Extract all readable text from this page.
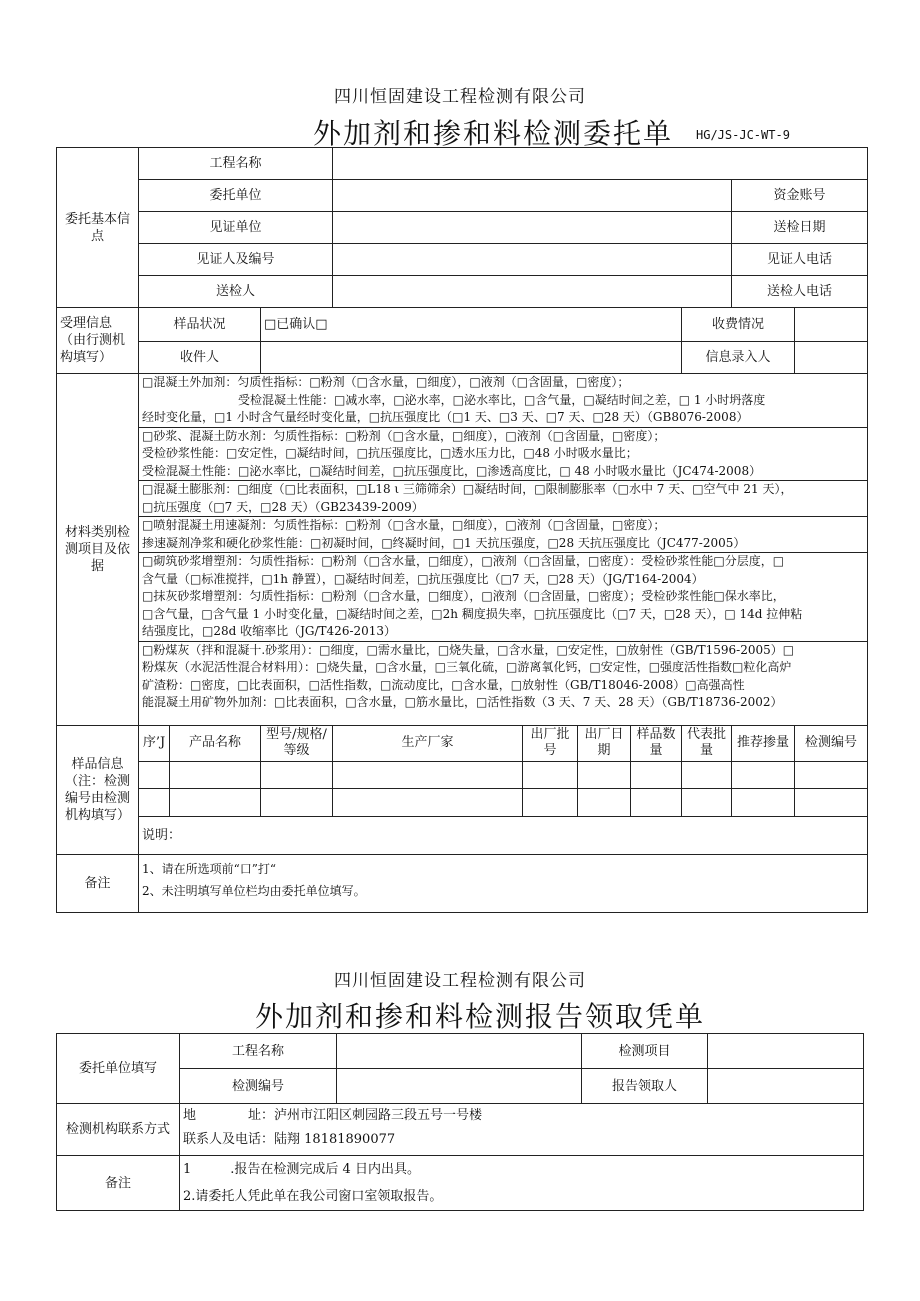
四川恒固建设工程检测有限公司
外加剂和掺和料检测委托单 HG/JS-JC-WT-9
委托基本信点	工程名称										
	委托单位								资金账号		
	见证单位								送检日期		
	见证人及编号								见证人电话		
	送检人								送检人电话		
受理信息（由行测机构填写）	样品状况		□已确认□					收费情况			
	收件人							信息录入人			
材料类别检测项目及依据	□混凝土外加剂：匀质性指标：□粉剂（□含水量，□细度），□液剂（□含固量，□密度）；
　　　　　　　　受检混凝土性能：□减水率，□泌水率，□泌水率比，□含气量，□凝结时间之差，□ 1 小时坍落度
经时变化量，□1 小时含气量经时变化量，□抗压强度比（□1 天、□3 天、□7 天、□28 天）（GB8076-2008）										

	□砂浆、混凝土防水剂：匀质性指标：□粉剂（□含水量，□细度），□液剂（□含固量，□密度）；
受检砂浆性能：□安定性，□凝结时间，□抗压强度比，□透水压力比，□48 小时吸水量比；
受检混凝土性能：□泌水率比，□凝结时间差，□抗压强度比，□渗透高度比，□ 48 小时吸水量比（JC474-2008）										

	□混凝土膨胀剂：□细度（□比表面积，□L18 ι 三筛筛余）□凝结时间，□限制膨胀率（□水中 7 天、□空气中 21 天），
□抗压强度（□7 天，□28 天）（GB23439-2009）										

	□喷射混凝土用速凝剂：匀质性指标：□粉剂（□含水量，□细度），□液剂（□含固量，□密度）；
掺速凝剂净浆和硬化砂浆性能：□初凝时间，□终凝时间，□1 天抗压强度，□28 天抗压强度比（JC477-2005）										

	□砌筑砂浆增塑剂：匀质性指标：□粉剂（□含水量，□细度），□液剂（□含固量，□密度）：受检砂浆性能□分层度，□
含气量（□标准搅拌，□1h 静置），□凝结时间差，□抗压强度比（□7 天，□28 天）（JG/T164-2004）
□抹灰砂浆增塑剂：匀质性指标：□粉剂（□含水量，□细度），□液剂（□含固量，□密度）；受检砂浆性能□保水率比，
□含气量，□含气量 1 小时变化量，□凝结时间之差，□2h 稠度损失率，□抗压强度比（□7 天，□28 天），□ 14d 拉伸粘
结强度比，□28d 收缩率比（JG/T426-2013）										

	□粉煤灰（拌和混凝十.砂浆用）：□细度，□需水量比，□烧失量，□含水量，□安定性，□放射性（GB/T1596-2005）□
粉煤灰（水泥活性混合材料用）：□烧失量，□含水量，□三氧化硫，□游离氧化钙，□安定性，□强度活性指数□粒化高炉
矿渣粉：□密度，□比表面积，□活性指数，□流动度比，□含水量，□放射性（GB/T18046-2008）□高强高性
能混凝土用矿物外加剂：□比表面积，□含水量，□筋水量比，□活性指数（3 天、7 天、28 天）（GB/T18736-2002）										

样品信息（注：检测编号由检测机构填写）	序’J	产品名称	型号/规格/等级	生产厂家	出厂批号	出厂日期	样品数量	代表批量	推荐掺量	检测编号	

	说明：										
备注	1、请在所选项前“口”打“
2、未注明填写单位栏均由委托单位填写。										
四川恒固建设工程检测有限公司
外加剂和掺和料检测报告领取凭单
委托单位填写	工程名称		检测项目	
	检测编号		报告领取人	
检测机构联系方式	地　　　　址：泸州市江阳区刺园路三段五号一号楼
联系人及电话：陆翔 18181890077			

备注	1　　　.报告在检测完成后 4 日内出具。
2.请委托人凭此单在我公司窗口室领取报告。			
